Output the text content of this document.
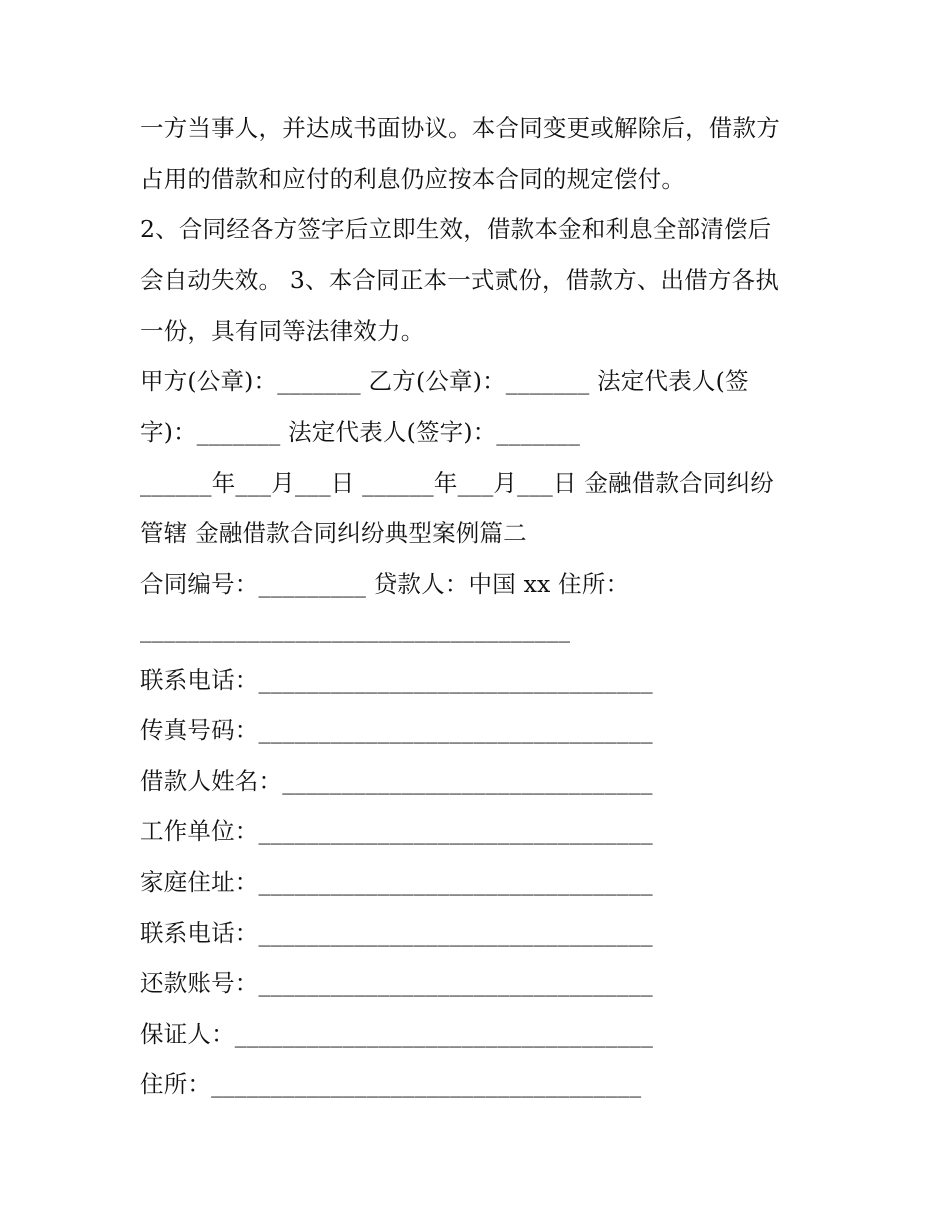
一方当事人，并达成书面协议。本合同变更或解除后，借款方
占用的借款和应付的利息仍应按本合同的规定偿付。
2、合同经各方签字后立即生效，借款本金和利息全部清偿后
会自动失效。 3、本合同正本一式贰份，借款方、出借方各执
一份，具有同等法律效力。
甲方(公章)：_______ 乙方(公章)：_______ 法定代表人(签
字)：_______ 法定代表人(签字)：_______
______年___月___日 ______年___月___日 金融借款合同纠纷
管辖 金融借款合同纠纷典型案例篇二
合同编号：_________ 贷款人：中国 xx 住所：
____________________________________
联系电话：_________________________________
传真号码：_________________________________
借款人姓名：_______________________________
工作单位：_________________________________
家庭住址：_________________________________
联系电话：_________________________________
还款账号：_________________________________
保证人：___________________________________
住所：____________________________________
